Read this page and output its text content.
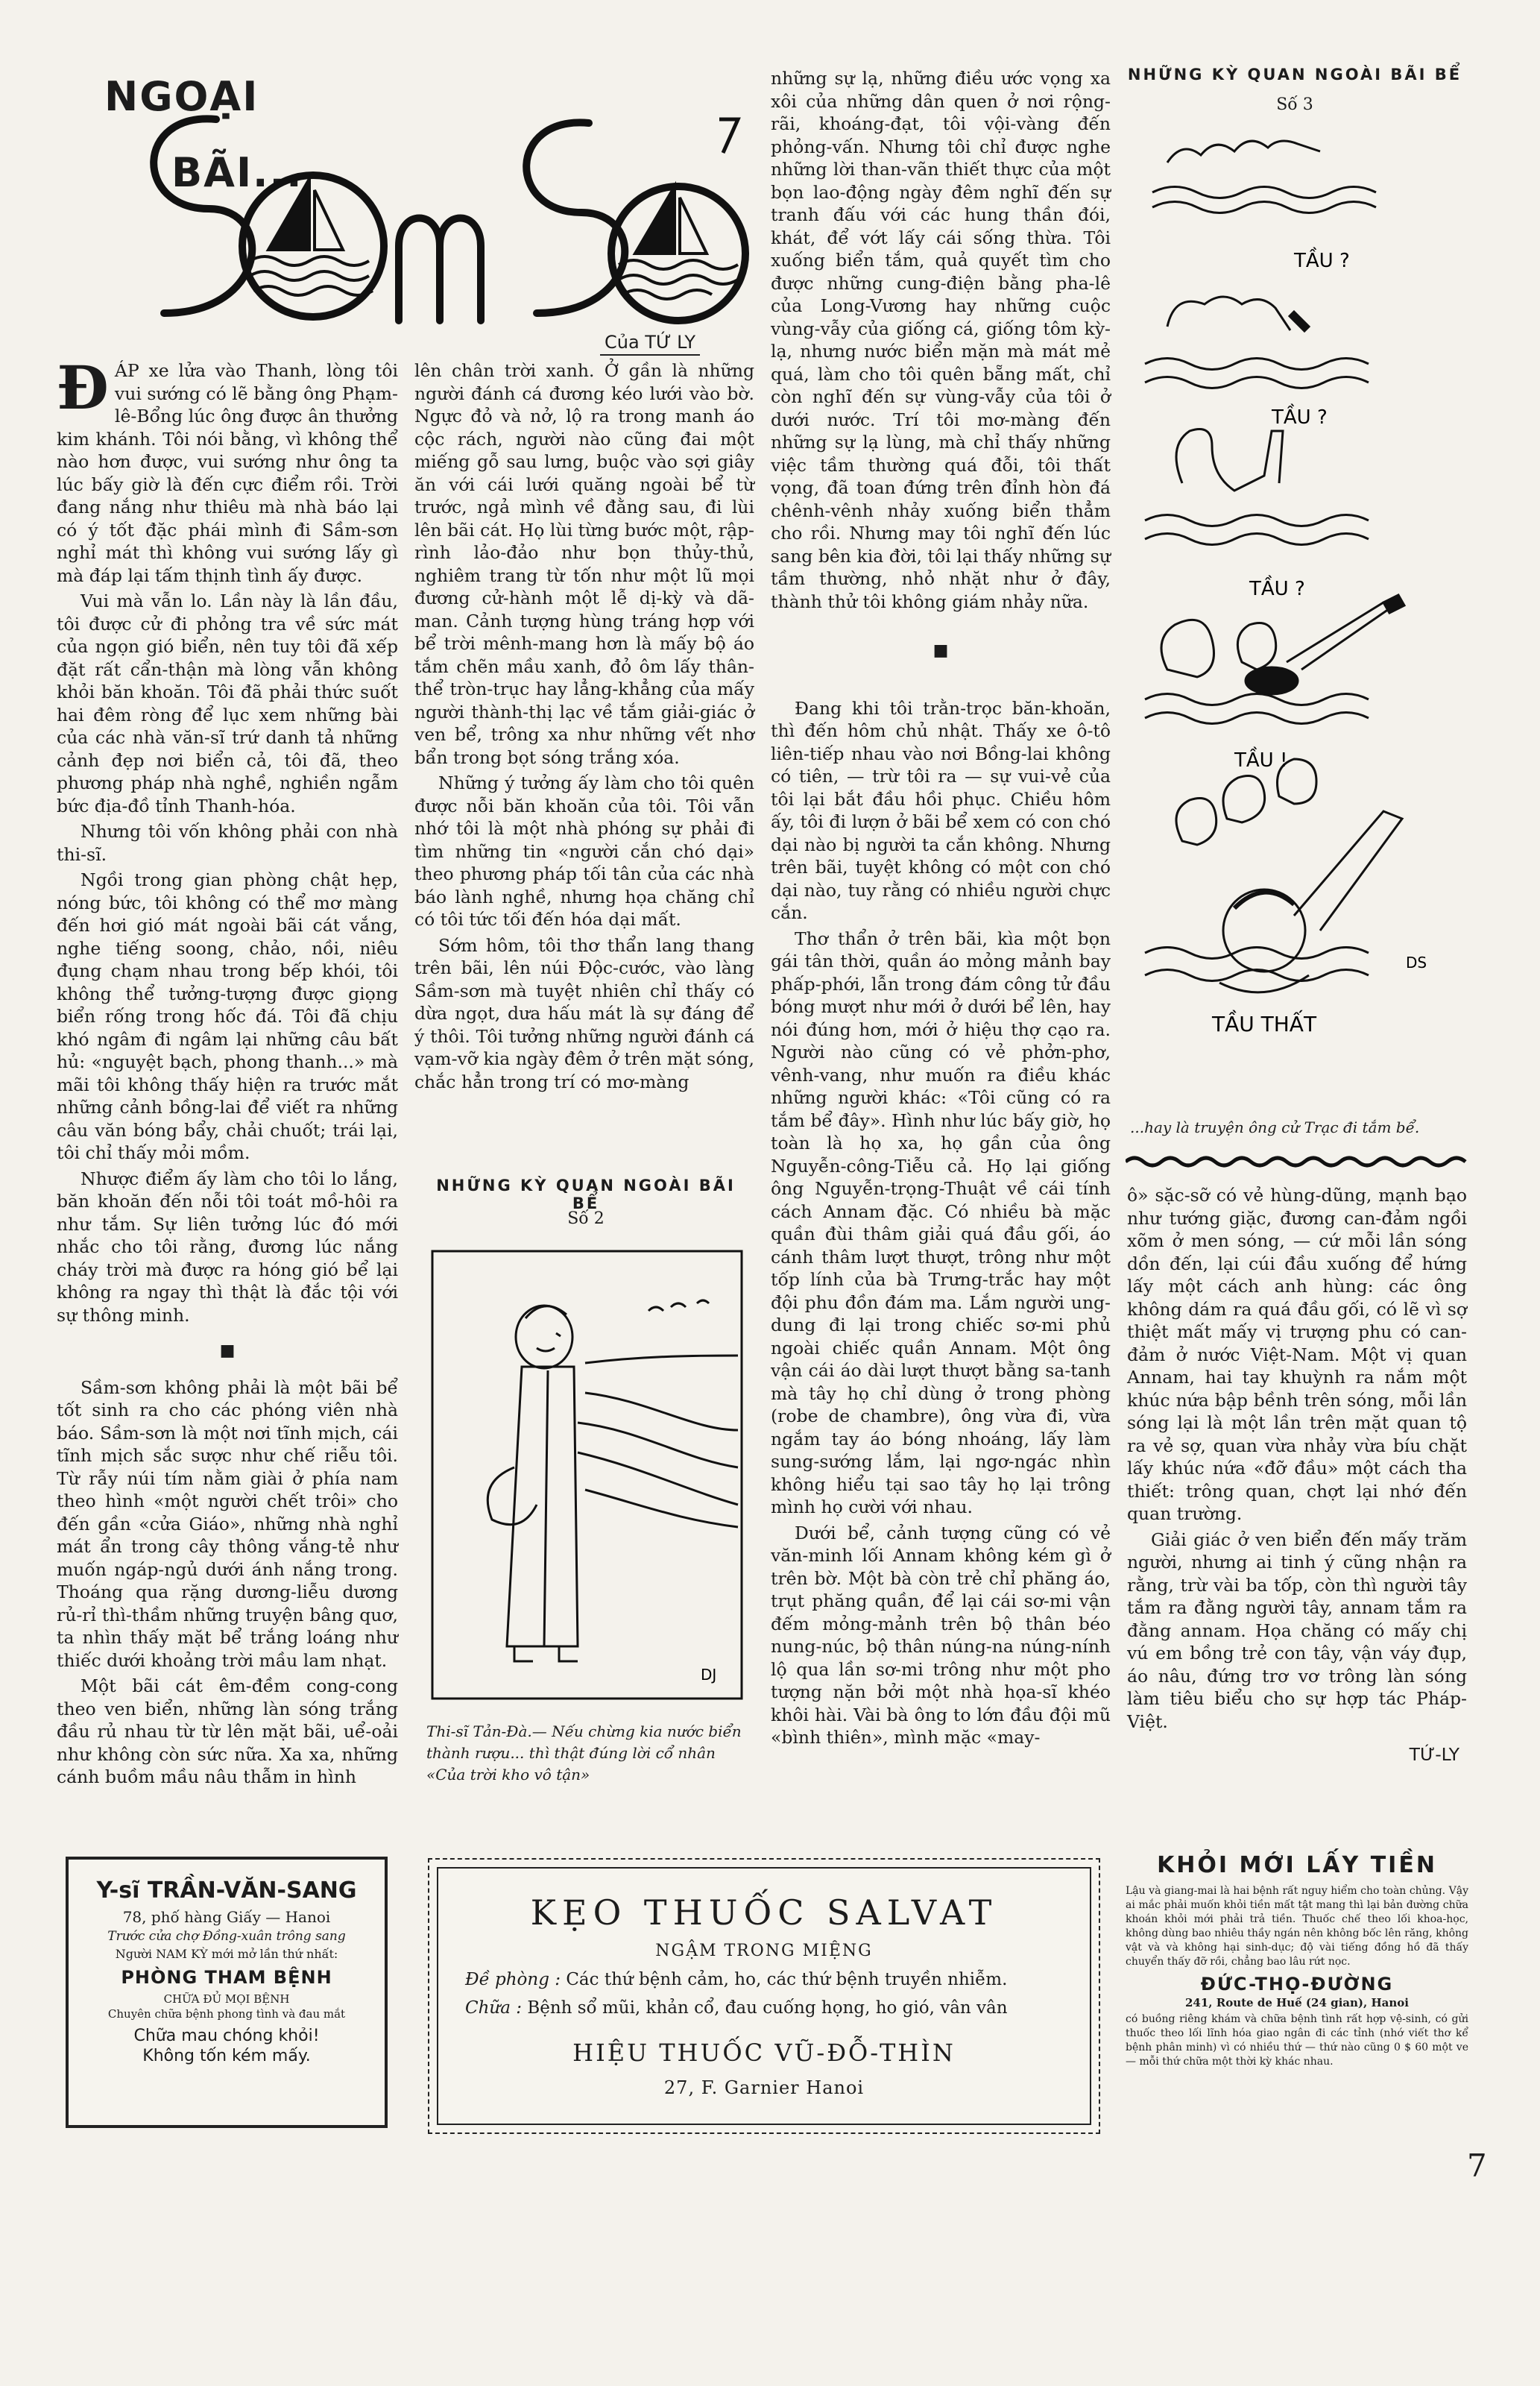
NGOẠI
BÃI...
Của TỨ LY

ĐÁP xe lửa vào Thanh, lòng tôi vui sướng có lẽ bằng ông Phạm-lê-Bổng lúc ông được ân thưởng kim khánh. Tôi nói bằng, vì không thể nào hơn được, vui sướng như ông ta lúc bấy giờ là đến cực điểm rồi. Trời đang nắng như thiêu mà nhà báo lại có ý tốt đặc phái mình đi Sầm-sơn nghỉ mát thì không vui sướng lấy gì mà đáp lại tấm thịnh tình ấy được.

Vui mà vẫn lo. Lần này là lần đầu, tôi được cử đi phỏng tra về sức mát của ngọn gió biển, nên tuy tôi đã xếp đặt rất cẩn-thận mà lòng vẫn không khỏi băn khoăn. Tôi đã phải thức suốt hai đêm ròng để lục xem những bài của các nhà văn-sĩ trứ danh tả những cảnh đẹp nơi biển cả, tôi đã, theo phương pháp nhà nghề, nghiền ngẫm bức địa-đồ tỉnh Thanh-hóa.

Nhưng tôi vốn không phải con nhà thi-sĩ.

Ngồi trong gian phòng chật hẹp, nóng bức, tôi không có thể mơ màng đến hơi gió mát ngoài bãi cát vắng, nghe tiếng soong, chảo, nồi, niêu đụng chạm nhau trong bếp khói, tôi không thể tưởng-tượng được giọng biển rống trong hốc đá. Tôi đã chịu khó ngâm đi ngâm lại những câu bất hủ: «nguyệt bạch, phong thanh...» mà mãi tôi không thấy hiện ra trước mắt những cảnh bồng-lai để viết ra những câu văn bóng bẩy, chải chuốt; trái lại, tôi chỉ thấy mỏi mồm.

Nhược điểm ấy làm cho tôi lo lắng, băn khoăn đến nỗi tôi toát mồ-hôi ra như tắm. Sự liên tưởng lúc đó mới nhắc cho tôi rằng, đương lúc nắng cháy trời mà được ra hóng gió bể lại không ra ngay thì thật là đắc tội với sự thông minh.

■

Sầm-sơn không phải là một bãi bể tốt sinh ra cho các phóng viên nhà báo. Sầm-sơn là một nơi tĩnh mịch, cái tĩnh mịch sắc sược như chế riễu tôi. Từ rẫy núi tím nằm giài ở phía nam theo hình «một người chết trôi» cho đến gần «cửa Giáo», những nhà nghỉ mát ẩn trong cây thông vắng-tẻ như muốn ngáp-ngủ dưới ánh nắng trong. Thoáng qua rặng dương-liễu dương rủ-rỉ thì-thầm những truyện bâng quơ, ta nhìn thấy mặt bể trắng loáng như thiếc dưới khoảng trời mầu lam nhạt.

Một bãi cát êm-đềm cong-cong theo ven biển, những làn sóng trắng đầu rủ nhau từ từ lên mặt bãi, uể-oải như không còn sức nữa. Xa xa, những cánh buồm mầu nâu thẫm in hình

lên chân trời xanh. Ở gần là những người đánh cá đương kéo lưới vào bờ. Ngực đỏ và nở, lộ ra trong manh áo cộc rách, người nào cũng đai một miếng gỗ sau lưng, buộc vào sợi giây ăn với cái lưới quăng ngoài bể từ trước, ngả mình về đằng sau, đi lùi lên bãi cát. Họ lùi từng bước một, rập-rình lảo-đảo như bọn thủy-thủ, nghiêm trang từ tốn như một lũ mọi đương cử-hành một lễ dị-kỳ và dã-man. Cảnh tượng hùng tráng hợp với bể trời mênh-mang hơn là mấy bộ áo tắm chẽn mầu xanh, đỏ ôm lấy thân-thể tròn-trục hay lẳng-khẳng của mấy người thành-thị lạc về tắm giải-giác ở ven bể, trông xa như những vết nhơ bẩn trong bọt sóng trắng xóa.

Những ý tưởng ấy làm cho tôi quên được nỗi băn khoăn của tôi. Tôi vẫn nhớ tôi là một nhà phóng sự phải đi tìm những tin «người cắn chó dại» theo phương pháp tối tân của các nhà báo lành nghề, nhưng họa chăng chỉ có tôi tức tối đến hóa dại mất.

Sớm hôm, tôi thơ thẩn lang thang trên bãi, lên núi Độc-cước, vào làng Sầm-sơn mà tuyệt nhiên chỉ thấy có dừa ngọt, dưa hấu mát là sự đáng để ý thôi. Tôi tưởng những người đánh cá vạm-vỡ kia ngày đêm ở trên mặt sóng, chắc hẳn trong trí có mơ-màng

NHỮNG KỲ QUAN NGOÀI BÃI BỂ
Số 2
DJ
Thi-sĩ Tản-Đà.— Nếu chừng kia nước biển thành rượu... thì thật đúng lời cổ nhân «Của trời kho vô tận»

những sự lạ, những điều ước vọng xa xôi của những dân quen ở nơi rộng-rãi, khoáng-đạt, tôi vội-vàng đến phỏng-vấn. Nhưng tôi chỉ được nghe những lời than-vãn thiết thực của một bọn lao-động ngày đêm nghĩ đến sự tranh đấu với các hung thần đói, khát, để vớt lấy cái sống thừa. Tôi xuống biển tắm, quả quyết tìm cho được những cung-điện bằng pha-lê của Long-Vương hay những cuộc vùng-vẫy của giống cá, giống tôm kỳ-lạ, nhưng nước biển mặn mà mát mẻ quá, làm cho tôi quên bẵng mất, chỉ còn nghĩ đến sự vùng-vẫy của tôi ở dưới nước. Trí tôi mơ-màng đến những sự lạ lùng, mà chỉ thấy những việc tầm thường quá đỗi, tôi thất vọng, đã toan đứng trên đỉnh hòn đá chênh-vênh nhảy xuống biển thẳm cho rồi. Nhưng may tôi nghĩ đến lúc sang bên kia đời, tôi lại thấy những sự tầm thường, nhỏ nhặt như ở đây, thành thử tôi không giám nhảy nữa.

■

Đang khi tôi trằn-trọc băn-khoăn, thì đến hôm chủ nhật. Thấy xe ô-tô liên-tiếp nhau vào nơi Bồng-lai không có tiên, — trừ tôi ra — sự vui-vẻ của tôi lại bắt đầu hồi phục. Chiều hôm ấy, tôi đi lượn ở bãi bể xem có con chó dại nào bị người ta cắn không. Nhưng trên bãi, tuyệt không có một con chó dại nào, tuy rằng có nhiều người chực cắn.

Thơ thẩn ở trên bãi, kìa một bọn gái tân thời, quần áo mỏng mảnh bay phấp-phới, lẫn trong đám công tử đầu bóng mượt như mới ở dưới bể lên, hay nói đúng hơn, mới ở hiệu thợ cạo ra. Người nào cũng có vẻ phởn-phơ, vênh-vang, như muốn ra điều khác những người khác: «Tôi cũng có ra tắm bể đây». Hình như lúc bấy giờ, họ toàn là họ xa, họ gần của ông Nguyễn-công-Tiễu cả. Họ lại giống ông Nguyễn-trọng-Thuật về cái tính cách Annam đặc. Có nhiều bà mặc quần đùi thâm giải quá đầu gối, áo cánh thâm lượt thượt, trông như một tốp lính của bà Trưng-trắc hay một đội phu đồn đám ma. Lắm người ung-dung đi lại trong chiếc sơ-mi phủ ngoài chiếc quần Annam. Một ông vận cái áo dài lượt thượt bằng sa-tanh mà tây họ chỉ dùng ở trong phòng (robe de chambre), ông vừa đi, vừa ngắm tay áo bóng nhoáng, lấy làm sung-sướng lắm, lại ngơ-ngác nhìn không hiểu tại sao tây họ lại trông mình họ cười với nhau.

Dưới bể, cảnh tượng cũng có vẻ văn-minh lối Annam không kém gì ở trên bờ. Một bà còn trẻ chỉ phăng áo, trụt phăng quần, để lại cái sơ-mi vận đếm mỏng-mảnh trên bộ thân béo nung-núc, bộ thân núng-na núng-nính lộ qua lần sơ-mi trông như một pho tượng nặn bởi một nhà họa-sĩ khéo khôi hài. Vài bà ông to lớn đầu đội mũ «bình thiên», mình mặc «may-

NHỮNG KỲ QUAN NGOÀI BÃI BỂ
Số 3
TẦU ?
TẦU ?
TẦU ?
TẦU !
DS
TẦU THẤT
...hay là truyện ông cử Trạc đi tắm bể.

ô» sặc-sỡ có vẻ hùng-dũng, mạnh bạo như tướng giặc, đương can-đảm ngồi xõm ở men sóng, — cứ mỗi lần sóng dồn đến, lại cúi đầu xuống để hứng lấy một cách anh hùng: các ông không dám ra quá đầu gối, có lẽ vì sợ thiệt mất mấy vị trượng phu có can-đảm ở nước Việt-Nam. Một vị quan Annam, hai tay khuỳnh ra nắm một khúc nứa bập bềnh trên sóng, mỗi lần sóng lại là một lần trên mặt quan tộ ra vẻ sợ, quan vừa nhảy vừa bíu chặt lấy khúc nứa «đỡ đầu» một cách tha thiết: trông quan, chợt lại nhớ đến quan trường.

Giải giác ở ven biển đến mấy trăm người, nhưng ai tinh ý cũng nhận ra rằng, trừ vài ba tốp, còn thì người tây tắm ra đằng người tây, annam tắm ra đằng annam. Họa chăng có mấy chị vú em bồng trẻ con tây, vận váy đụp, áo nâu, đứng trơ vơ trông làn sóng làm tiêu biểu cho sự hợp tác Pháp-Việt.

TỨ-LY
Y-sĩ TRẦN-VĂN-SANG
78, phố hàng Giấy — Hanoi
Trước cửa chợ Đồng-xuân trông sang
Người NAM KỲ mới mở lần thứ nhất:
PHÒNG THAM BỆNH
CHỮA ĐỦ MỌI BỆNH
Chuyên chữa bệnh phong tình và đau mắt
Chữa mau chóng khỏi!
Không tốn kém mấy.
KẸO THUỐC SALVAT
NGẬM TRONG MIỆNG
Đề phòng : Các thứ bệnh cảm, ho, các thứ bệnh truyền nhiễm.
Chữa : Bệnh sổ mũi, khản cổ, đau cuống họng, ho gió, vân vân
HIỆU THUỐC VŨ-ĐỖ-THÌN
27, F. Garnier Hanoi
KHỎI MỚI LẤY TIỀN
Lậu và giang-mai là hai bệnh rất nguy hiểm cho toàn chủng. Vậy ai mắc phải muốn khỏi tiền mất tật mang thì lại bản đường chữa khoán khỏi mới phải trả tiền. Thuốc chế theo lối khoa-học, không dùng bao nhiêu thầy ngán nên không bốc lên răng, không vật và và không hại sinh-dục; độ vài tiếng đồng hồ đã thấy chuyển thấy đỡ rồi, chẳng bao lâu rứt nọc.
ĐỨC-THỌ-ĐƯỜNG
241, Route de Huế (24 gian), Hanoi
có buồng riêng khám và chữa bệnh tình rất hợp vệ-sinh, có gửi thuốc theo lối lĩnh hóa giao ngân đi các tỉnh (nhớ viết thơ kể bệnh phân minh) vì có nhiều thứ — thứ nào cũng 0 $ 60 một ve — mỗi thứ chữa một thời kỳ khác nhau.
7
